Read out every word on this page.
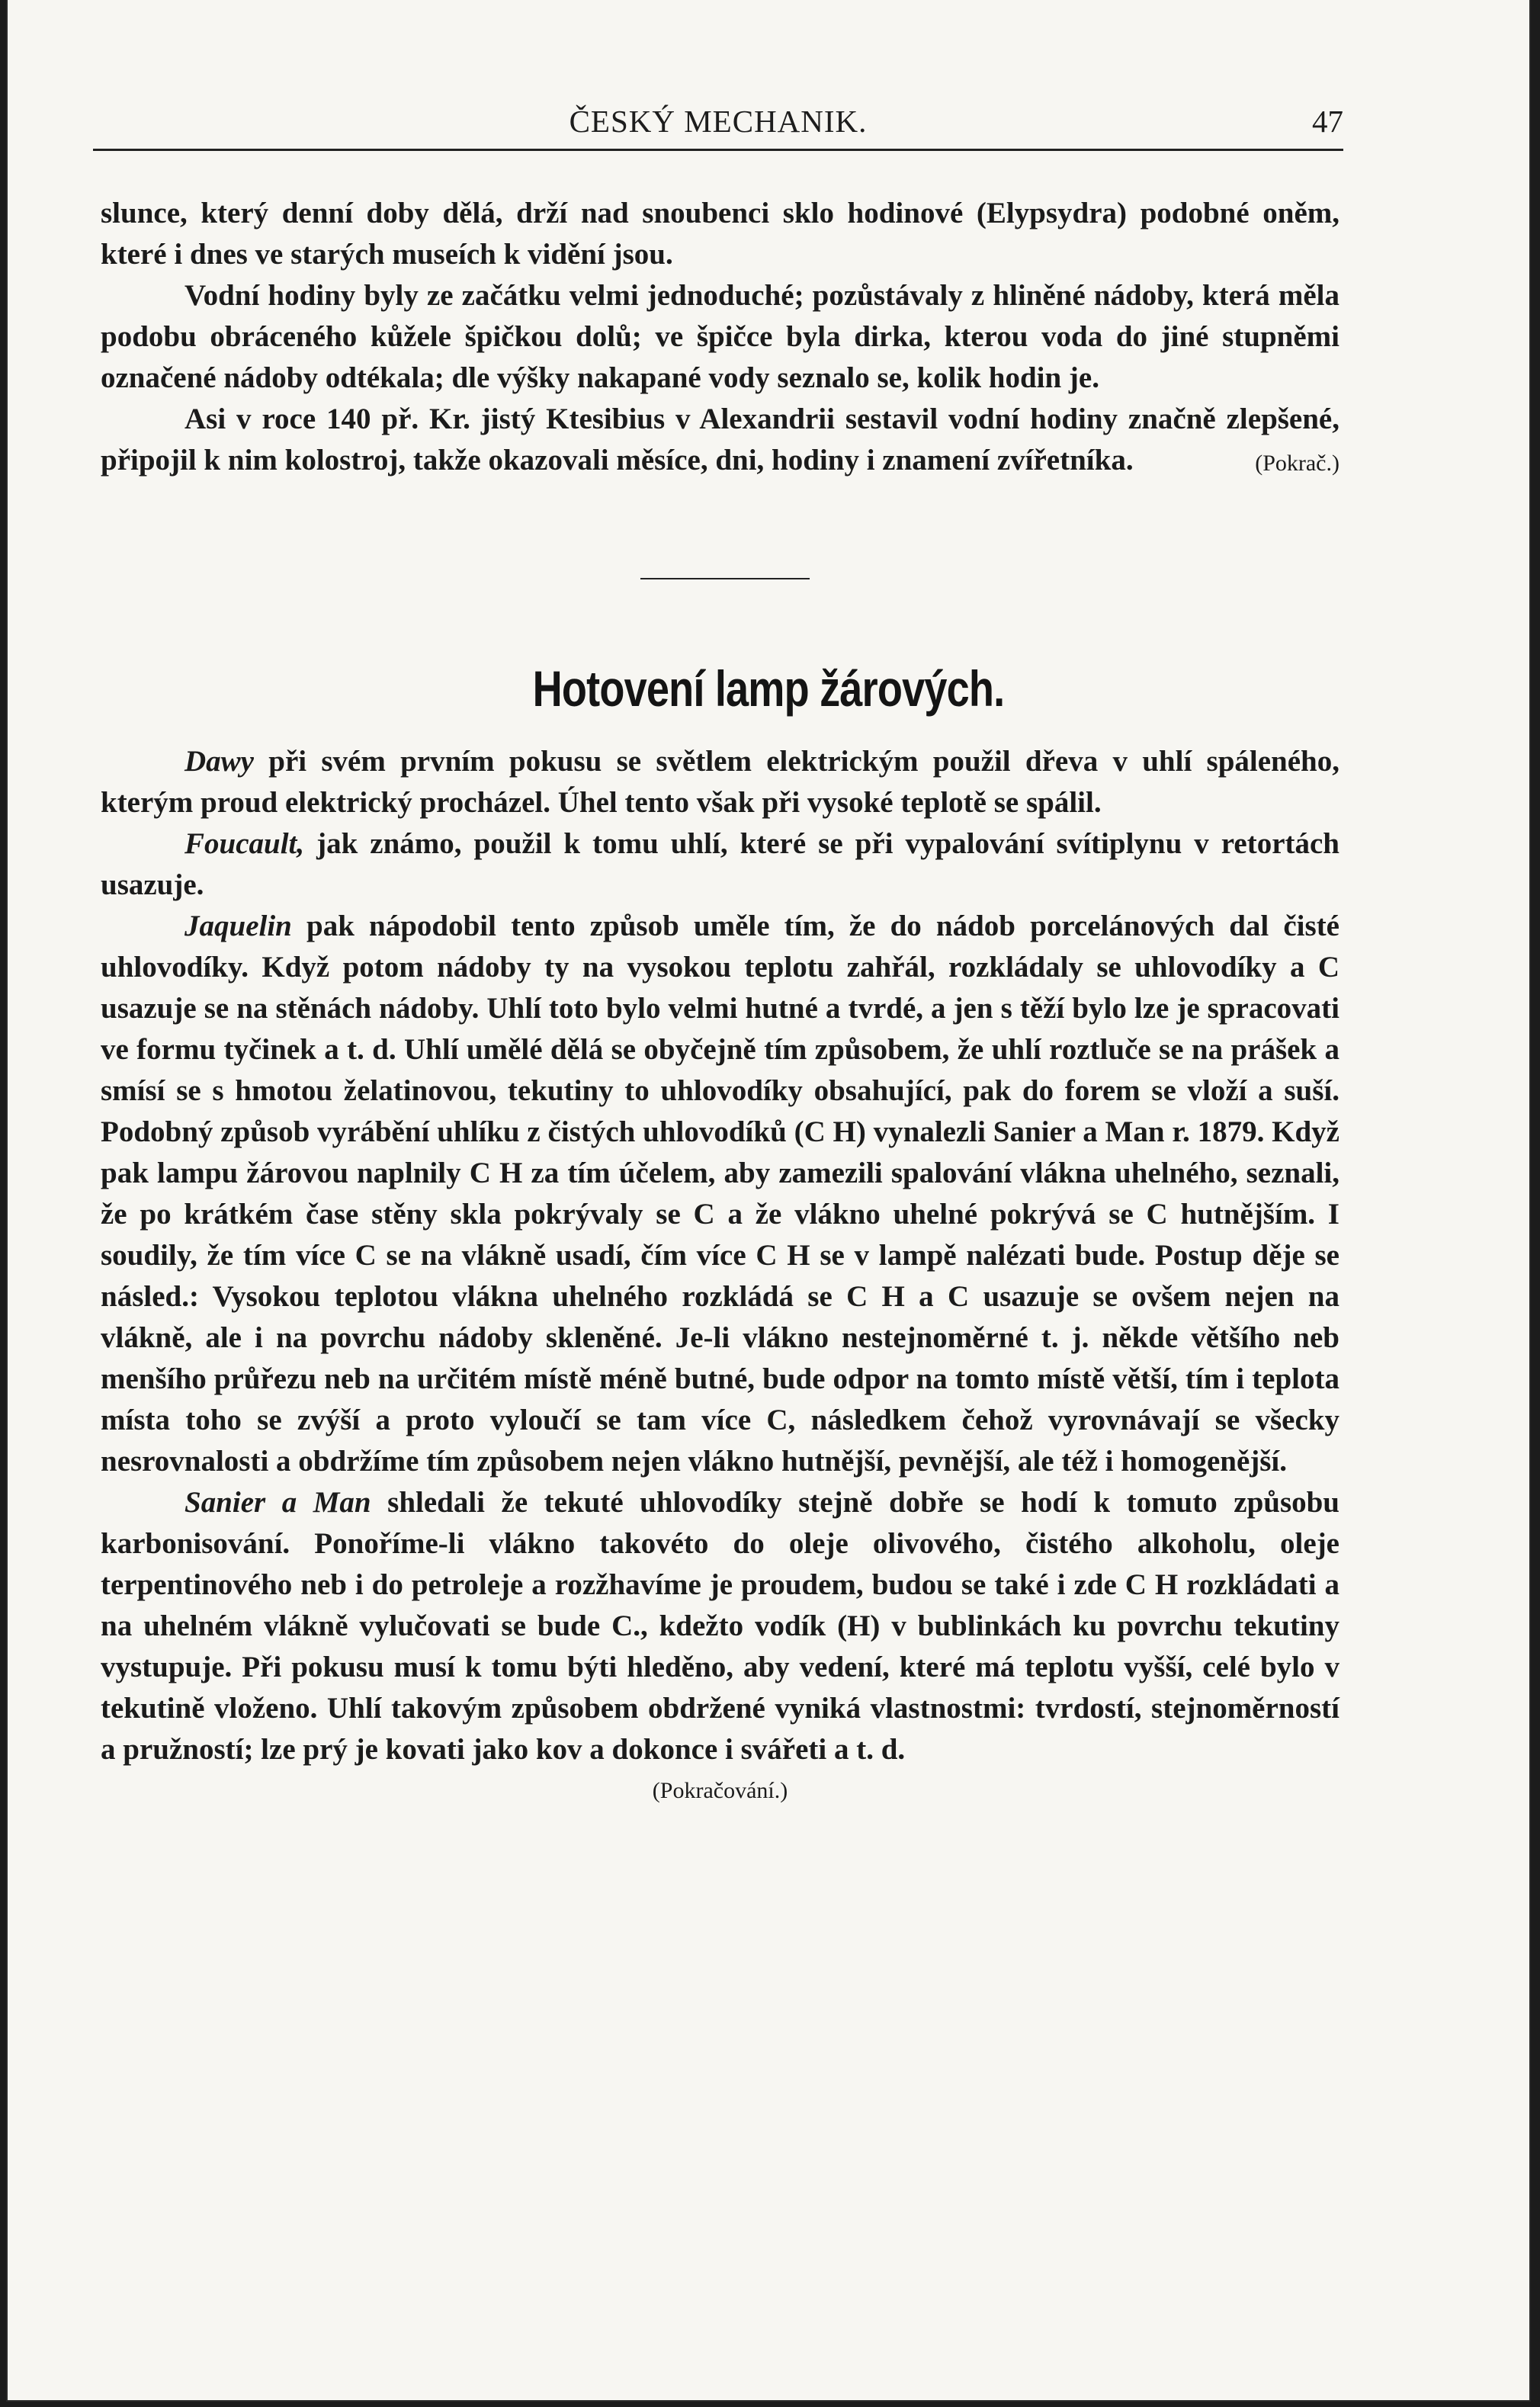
ČESKÝ MECHANIK.	47

slunce, který denní doby dělá, drží nad snoubenci sklo hodinové (Elypsydra) podobné oněm, které i dnes ve starých museích k vidění jsou.

Vodní hodiny byly ze začátku velmi jednoduché; pozůstávaly z hliněné nádoby, která měla podobu obráceného kůžele špičkou dolů; ve špičce byla dirka, kterou voda do jiné stupněmi označené nádoby odtékala; dle výšky nakapané vody seznalo se, kolik hodin je.

Asi v roce 140 př. Kr. jistý Ktesibius v Alexandrii sestavil vodní hodiny značně zlepšené, připojil k nim kolostroj, takže okazovali měsíce, dni, hodiny i znamení zvířetníka.	(Pokrač.)

Hotovení lamp žárových.

Dawy při svém prvním pokusu se světlem elektrickým použil dřeva v uhlí spáleného, kterým proud elektrický procházel. Úhel tento však při vysoké teplotě se spálil.

Foucault, jak známo, použil k tomu uhlí, které se při vypalování svítiplynu v retortách usazuje.

Jaquelin pak nápodobil tento způsob uměle tím, že do nádob porcelánových dal čisté uhlovodíky. Když potom nádoby ty na vysokou teplotu zahřál, rozkládaly se uhlovodíky a C usazuje se na stěnách nádoby. Uhlí toto bylo velmi hutné a tvrdé, a jen s těží bylo lze je spracovati ve formu tyčinek a t. d. Uhlí umělé dělá se obyčejně tím způsobem, že uhlí roztluče se na prášek a smísí se s hmotou želatinovou, tekutiny to uhlovodíky obsahující, pak do forem se vloží a suší. Podobný způsob vyrábění uhlíku z čistých uhlovodíků (C H) vynalezli Sanier a Man r. 1879. Když pak lampu žárovou naplnily C H za tím účelem, aby zamezili spalování vlákna uhelného, seznali, že po krátkém čase stěny skla pokrývaly se C a že vlákno uhelné pokrývá se C hutnějším. I soudily, že tím více C se na vlákně usadí, čím více C H se v lampě nalézati bude. Postup děje se násled.: Vysokou teplotou vlákna uhelného rozkládá se C H a C usazuje se ovšem nejen na vlákně, ale i na povrchu nádoby skleněné. Je-li vlákno nestejnoměrné t. j. někde většího neb menšího průřezu neb na určitém místě méně butné, bude odpor na tomto místě větší, tím i teplota místa toho se zvýší a proto vyloučí se tam více C, následkem čehož vyrovnávají se všecky nesrovnalosti a obdržíme tím způsobem nejen vlákno hutnější, pevnější, ale též i homogenější.

Sanier a Man shledali že tekuté uhlovodíky stejně dobře se hodí k tomuto způsobu karbonisování. Ponoříme-li vlákno takovéto do oleje olivového, čistého alkoholu, oleje terpentinového neb i do petroleje a rozžhavíme je proudem, budou se také i zde C H rozkládati a na uhelném vlákně vylučovati se bude C., kdežto vodík (H) v bublinkách ku povrchu tekutiny vystupuje. Při pokusu musí k tomu býti hleděno, aby vedení, které má teplotu vyšší, celé bylo v tekutině vloženo. Uhlí takovým způsobem obdržené vyniká vlastnostmi: tvrdostí, stejnoměrností a pružností; lze prý je kovati jako kov a dokonce i svářeti a t. d.

(Pokračování.)
